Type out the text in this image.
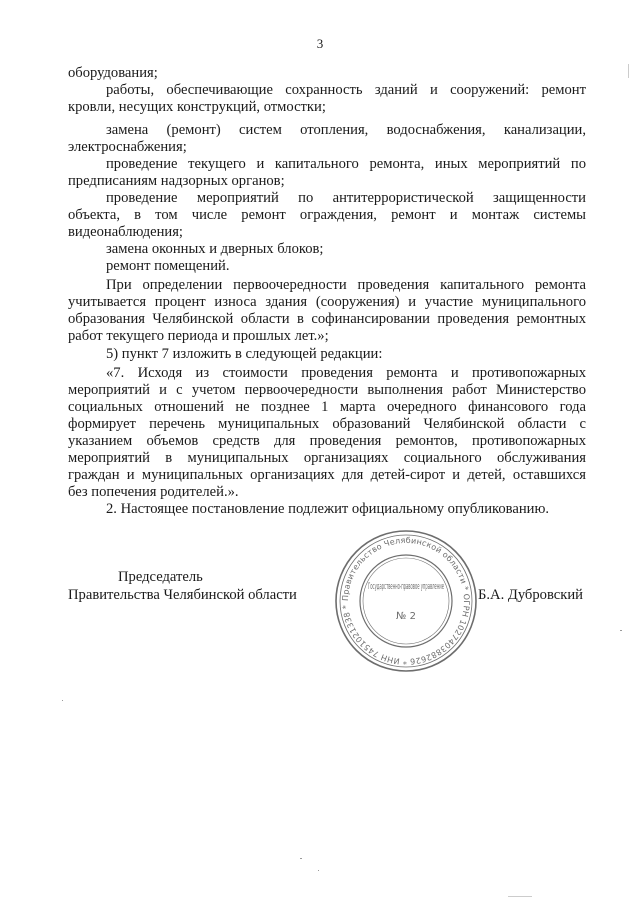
3
оборудования;
работы, обеспечивающие сохранность зданий и сооружений: ремонт
кровли, несущих конструкций, отмостки;
замена (ремонт) систем отопления, водоснабжения, канализации,
электроснабжения;
проведение текущего и капитального ремонта, иных мероприятий по
предписаниям надзорных органов;
проведение мероприятий по антитеррористической защищенности
объекта, в том числе ремонт ограждения, ремонт и монтаж системы
видеонаблюдения;
замена оконных и дверных блоков;
ремонт помещений.
При определении первоочередности проведения капитального ремонта
учитывается процент износа здания (сооружения) и участие муниципального
образования Челябинской области в софинансировании проведения ремонтных
работ текущего периода и прошлых лет.»;
5) пункт 7 изложить в следующей редакции:
«7. Исходя из стоимости проведения ремонта и противопожарных
мероприятий и с учетом первоочередности выполнения работ Министерство
социальных отношений не позднее 1 марта очередного финансового года
формирует перечень муниципальных образований Челябинской области с
указанием объемов средств для проведения ремонтов, противопожарных
мероприятий в муниципальных организациях социального обслуживания
граждан и муниципальных организациях для детей-сирот и детей, оставшихся
без попечения родителей.».
2. Настоящее постановление подлежит официальному опубликованию.
Председатель
Правительства Челябинской области	Б.А. Дубровский
Правительство Челябинской области * ОГРН 1027403882626 * ИНН 7451021338 *
Государственно-правовое управление
№ 2
